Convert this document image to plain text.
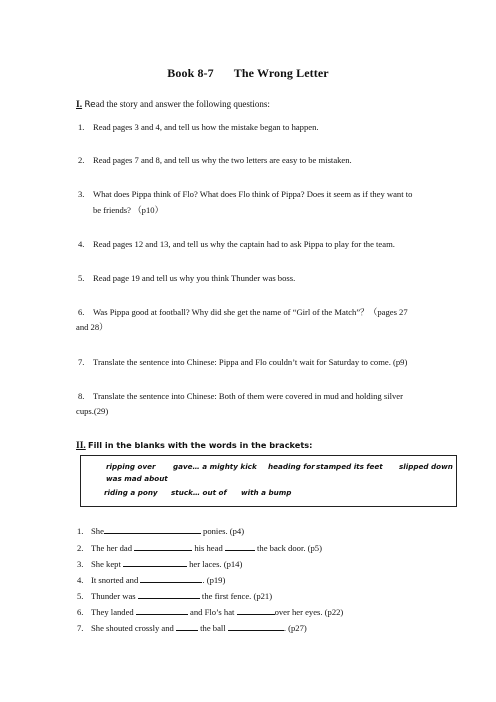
Book 8-7 The Wrong Letter
I. Read the story and answer the following questions:
1. Read pages 3 and 4, and tell us how the mistake began to happen.
2. Read pages 7 and 8, and tell us why the two letters are easy to be mistaken.
3. What does Pippa think of Flo? What does Flo think of Pippa? Does it seem as if they want to
be friends? （p10）
4. Read pages 12 and 13, and tell us why the captain had to ask Pippa to play for the team.
5. Read page 19 and tell us why you think Thunder was boss.
6. Was Pippa good at football? Why did she get the name of “Girl of the Match”？（pages 27
and 28）
7. Translate the sentence into Chinese: Pippa and Flo couldn’t wait for Saturday to come. (p9)
8. Translate the sentence into Chinese: Both of them were covered in mud and holding silver
cups.(29)
II. Fill in the blanks with the words in the brackets:
ripping over gave… a mighty kick heading for stamped its feet slipped down
was mad about
riding a pony stuck… out of with a bump
1. She	ponies. (p4)
2. The her dad	his head	the back door. (p5)
3. She kept	her laces. (p14)
4. It snorted and	. (p19)
5. Thunder was	the first fence. (p21)
6. They landed	and Flo’s hat	over her eyes. (p22)
7. She shouted crossly and	the ball	. (p27)
